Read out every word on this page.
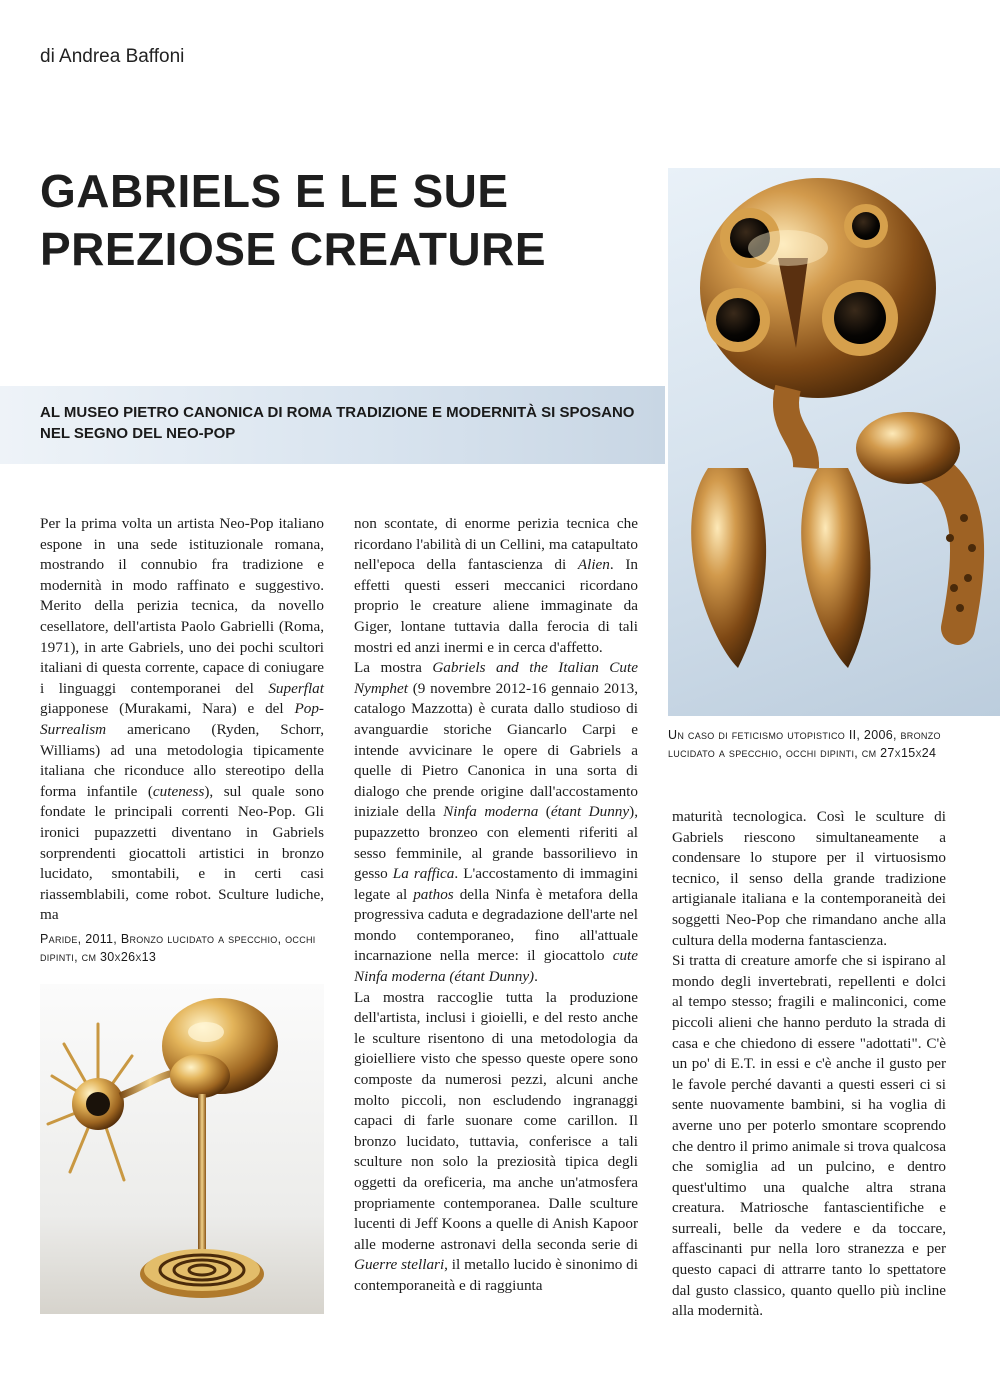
di Andrea Baffoni
GABRIELS E LE SUE
PREZIOSE CREATURE

AL MUSEO PIETRO CANONICA DI ROMA TRADIZIONE E MODERNITÀ SI SPOSANO NEL SEGNO DEL NEO-POP

Per la prima volta un artista Neo-Pop italiano espone in una sede istituzionale romana, mostrando il connubio fra tradizione e modernità in modo raffinato e suggestivo. Merito della perizia tecnica, da novello cesellatore, dell'artista Paolo Gabrielli (Roma, 1971), in arte Gabriels, uno dei pochi scultori italiani di questa corrente, capace di coniugare i linguaggi contemporanei del Superflat giapponese (Murakami, Nara) e del Pop-Surrealism americano (Ryden, Schorr, Williams) ad una metodologia tipicamente italiana che riconduce allo stereotipo della forma infantile (cuteness), sul quale sono fondate le principali correnti Neo-Pop. Gli ironici pupazzetti diventano in Gabriels sorprendenti giocattoli artistici in bronzo lucidato, smontabili, e in certi casi riassemblabili, come robot. Sculture ludiche, ma

Paride, 2011, Bronzo lucidato a specchio, occhi dipinti, cm 30x26x13

non scontate, di enorme perizia tecnica che ricordano l'abilità di un Cellini, ma catapultato nell'epoca della fantascienza di Alien. In effetti questi esseri meccanici ricordano proprio le creature aliene immaginate da Giger, lontane tuttavia dalla ferocia di tali mostri ed anzi inermi e in cerca d'affetto.

La mostra Gabriels and the Italian Cute Nymphet (9 novembre 2012-16 gennaio 2013, catalogo Mazzotta) è curata dallo studioso di avanguardie storiche Giancarlo Carpi e intende avvicinare le opere di Gabriels a quelle di Pietro Canonica in una sorta di dialogo che prende origine dall'accostamento iniziale della Ninfa moderna (étant Dunny), pupazzetto bronzeo con elementi riferiti al sesso femminile, al grande bassorilievo in gesso La raffica. L'accostamento di immagini legate al pathos della Ninfa è metafora della progressiva caduta e degradazione dell'arte nel mondo contemporaneo, fino all'attuale incarnazione nella merce: il giocattolo cute Ninfa moderna (étant Dunny).

La mostra raccoglie tutta la produzione dell'artista, inclusi i gioielli, e del resto anche le sculture risentono di una metodologia da gioielliere visto che spesso queste opere sono composte da numerosi pezzi, alcuni anche molto piccoli, non escludendo ingranaggi capaci di farle suonare come carillon. Il bronzo lucidato, tuttavia, conferisce a tali sculture non solo la preziosità tipica degli oggetti da oreficeria, ma anche un'atmosfera propriamente contemporanea. Dalle sculture lucenti di Jeff Koons a quelle di Anish Kapoor alle moderne astronavi della seconda serie di Guerre stellari, il metallo lucido è sinonimo di contemporaneità e di raggiunta

Un caso di feticismo utopistico II, 2006, bronzo lucidato a specchio, occhi dipinti, cm 27x15x24

maturità tecnologica. Così le sculture di Gabriels riescono simultaneamente a condensare lo stupore per il virtuosismo tecnico, il senso della grande tradizione artigianale italiana e la contemporaneità dei soggetti Neo-Pop che rimandano anche alla cultura della moderna fantascienza.

Si tratta di creature amorfe che si ispirano al mondo degli invertebrati, repellenti e dolci al tempo stesso; fragili e malinconici, come piccoli alieni che hanno perduto la strada di casa e che chiedono di essere "adottati". C'è un po' di E.T. in essi e c'è anche il gusto per le favole perché davanti a questi esseri ci si sente nuovamente bambini, si ha voglia di averne uno per poterlo smontare scoprendo che dentro il primo animale si trova qualcosa che somiglia ad un pulcino, e dentro quest'ultimo una qualche altra strana creatura. Matriosche fantascientifiche e surreali, belle da vedere e da toccare, affascinanti pur nella loro stranezza e per questo capaci di attrarre tanto lo spettatore dal gusto classico, quanto quello più incline alla modernità.
